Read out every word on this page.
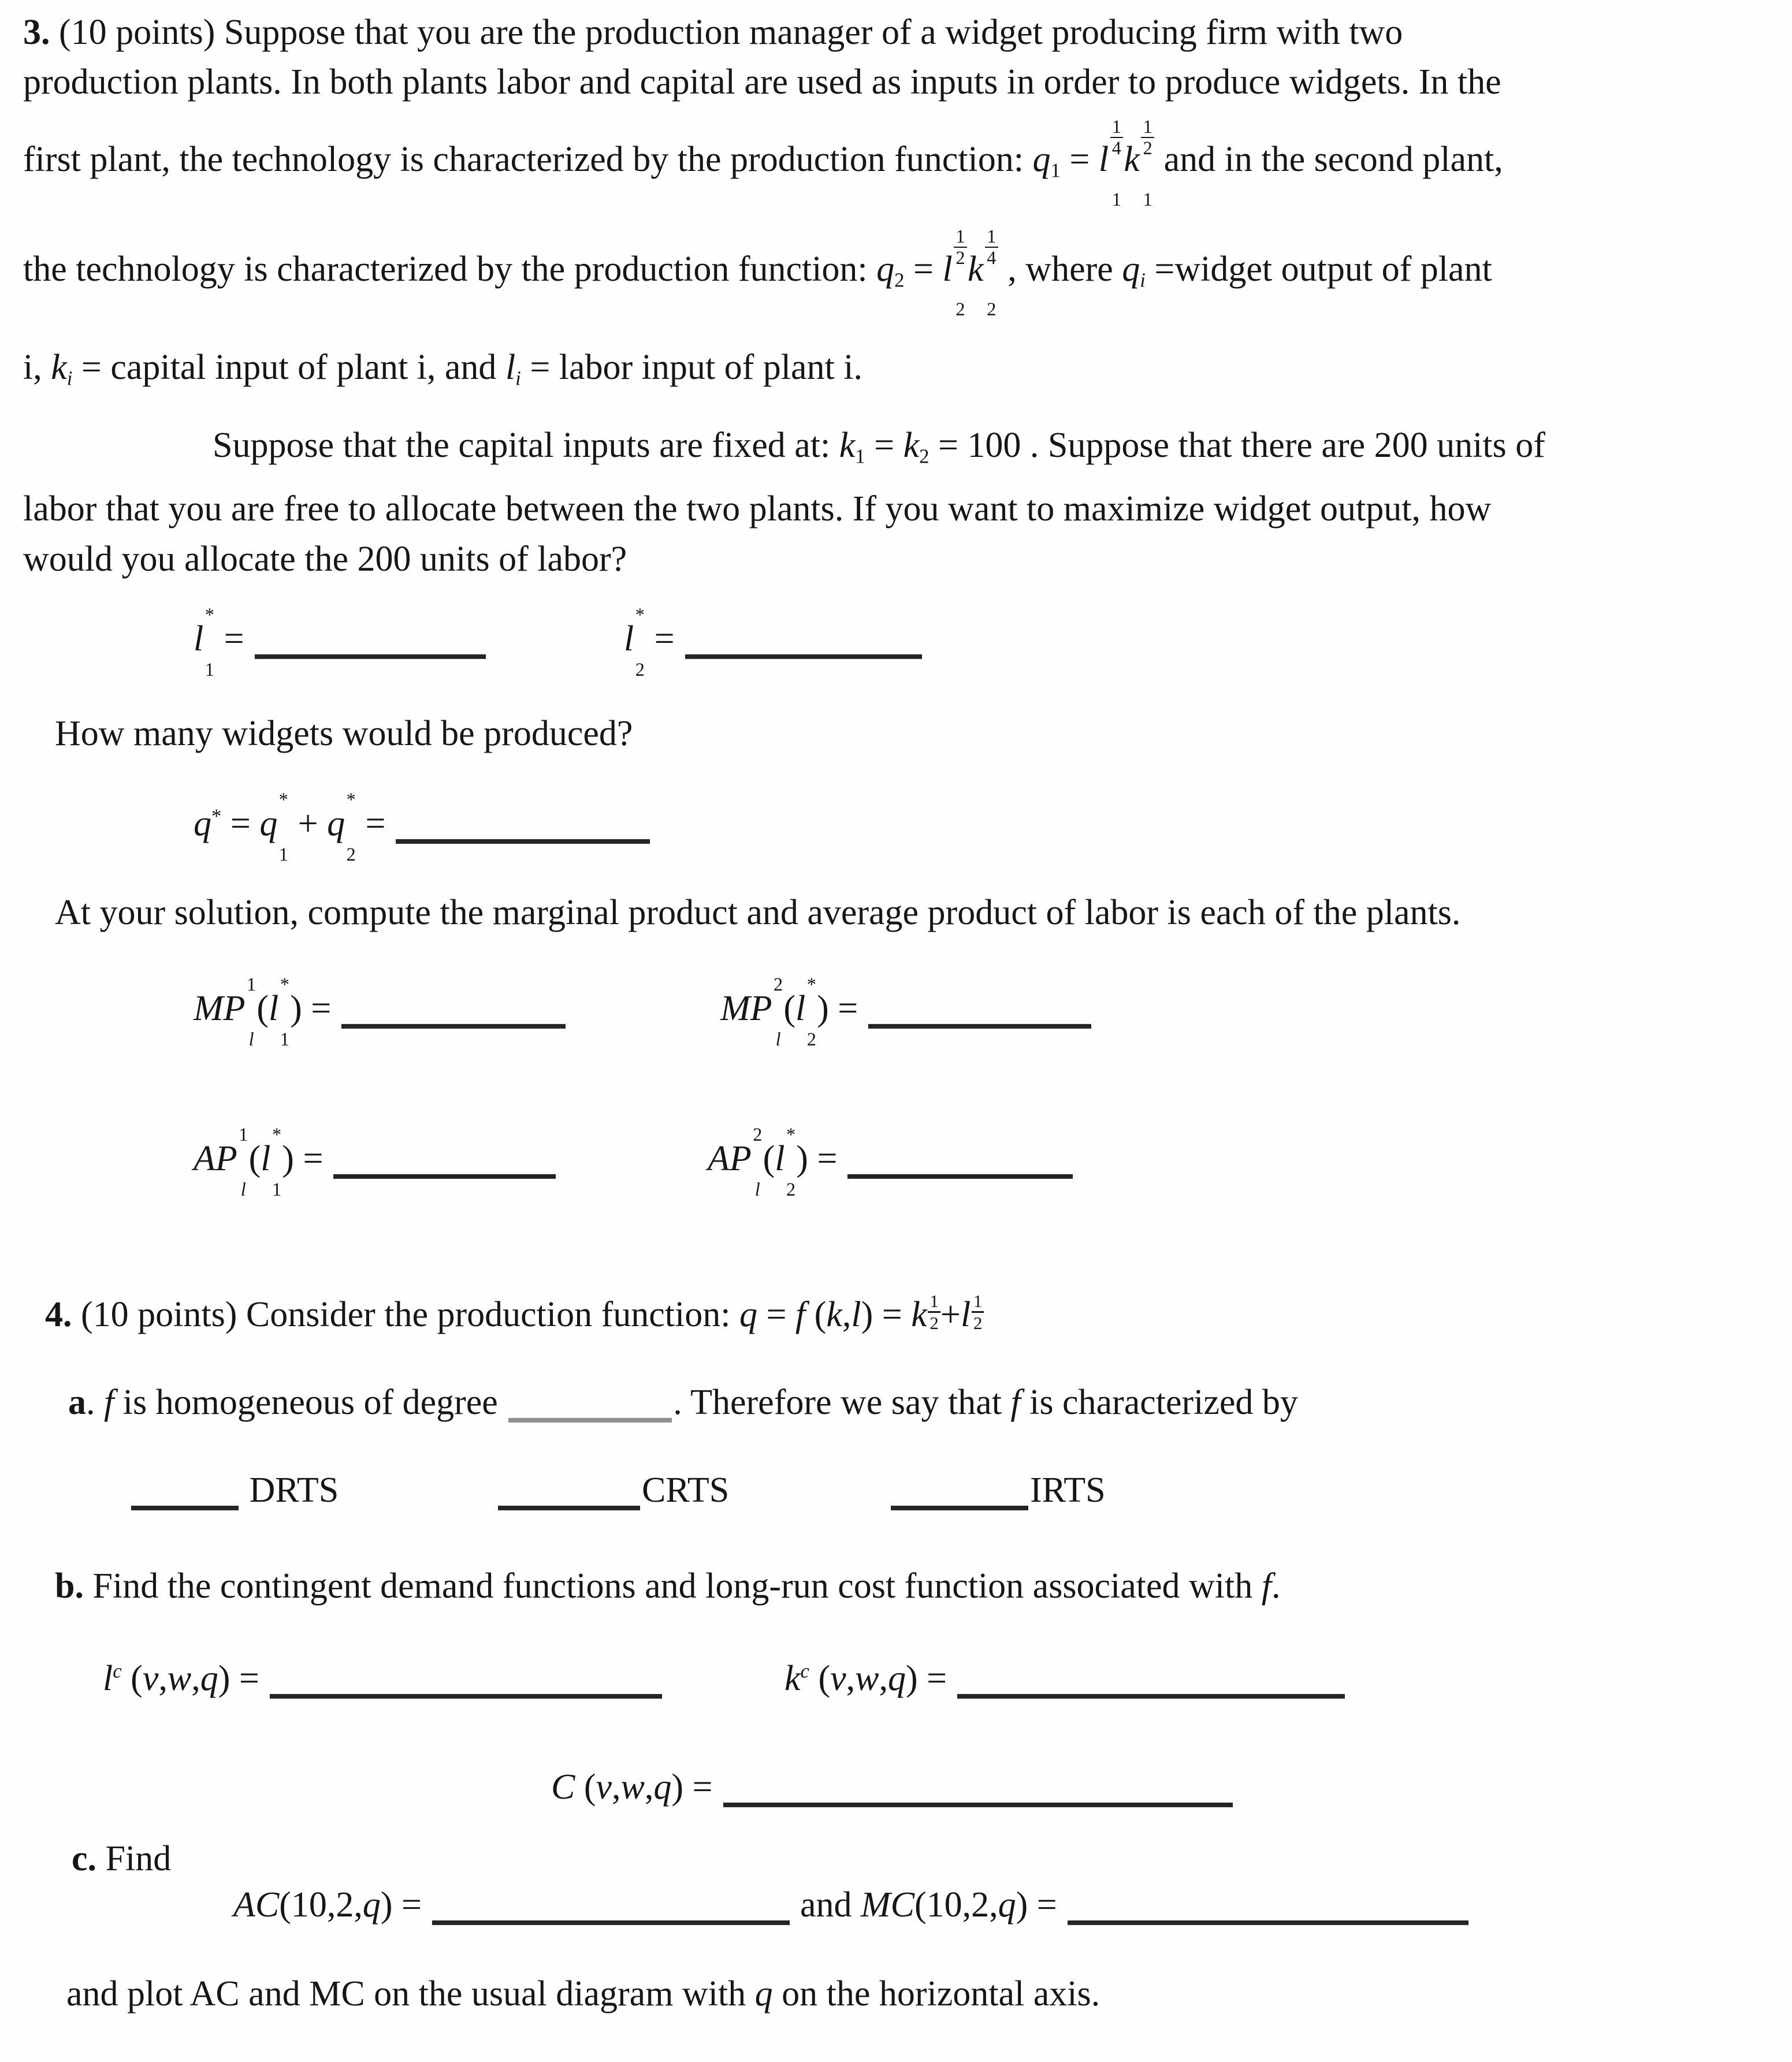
3. (10 points) Suppose that you are the production manager of a widget producing firm with two
production plants. In both plants labor and capital are used as inputs in order to produce widgets. In the
first plant, the technology is characterized by the production function: $q_1 = l$
1
4
1
k
1
2
1
and in the second plant,
the technology is characterized by the production function: $q_2 = l$
1
2
2
k
1
4
2
, where $q_i$ =widget output of plant
i, $k_i$ = capital input of plant i, and $l_i$ = labor input of plant i.
Suppose that the capital inputs are fixed at: $k_1 = k_2 = 100$ . Suppose that there are 200 units of
labor that you are free to allocate between the two plants. If you want to maximize widget output, how
would you allocate the 200 units of labor?
l
*
1
=	l
*
2
=
How many widgets would be produced?
q* = q
*
1
+ q
*
2
=
At your solution, compute the marginal product and average product of labor is each of the plants.
MP
1
l
(l
*
1
) =	MP
2
l
(l
*
2
) =
AP
1
l
(l
*
1
) =	AP
2
l
(l
*
2
) =
4. (10 points) Consider the production function: q = f (k,l) = k $\frac{1}{2} +l \frac{1}{2}$
a. f is homogeneous of degree	. Therefore we say that f is characterized by
DRTS	CRTS	IRTS
b. Find the contingent demand functions and long-run cost function associated with f.
$l^c$ (v,w,q) =	$k^c$ (v,w,q) =
C (v,w,q) =
c. Find
AC(10,2,q) =	and MC(10,2,q) =
and plot AC and MC on the usual diagram with q on the horizontal axis.
